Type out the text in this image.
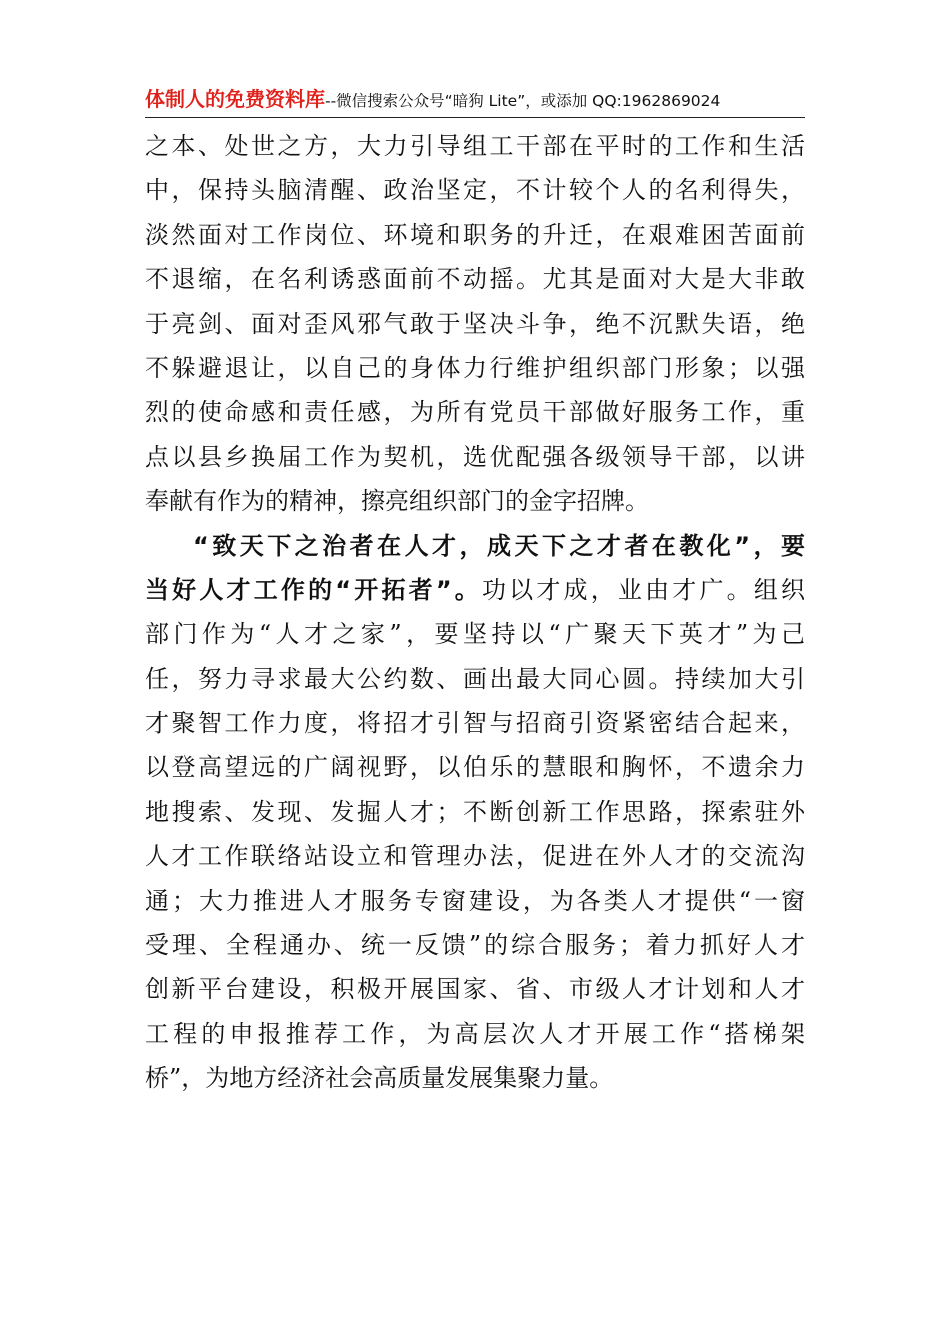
体制人的免费资料库--微信搜索公众号“暗狗 Lite”，或添加 QQ:1962869024
之本、处世之方，大力引导组工干部在平时的工作和生活
中，保持头脑清醒、政治坚定，不计较个人的名利得失，
淡然面对工作岗位、环境和职务的升迁，在艰难困苦面前
不退缩，在名利诱惑面前不动摇。尤其是面对大是大非敢
于亮剑、面对歪风邪气敢于坚决斗争，绝不沉默失语，绝
不躲避退让，以自己的身体力行维护组织部门形象；以强
烈的使命感和责任感，为所有党员干部做好服务工作，重
点以县乡换届工作为契机，选优配强各级领导干部，以讲
奉献有作为的精神，擦亮组织部门的金字招牌。
“致天下之治者在人才，成天下之才者在教化”，要
当好人才工作的“开拓者”。功以才成，业由才广。组织
部门作为“人才之家”，要坚持以“广聚天下英才”为己
任，努力寻求最大公约数、画出最大同心圆。持续加大引
才聚智工作力度，将招才引智与招商引资紧密结合起来，
以登高望远的广阔视野，以伯乐的慧眼和胸怀，不遗余力
地搜索、发现、发掘人才；不断创新工作思路，探索驻外
人才工作联络站设立和管理办法，促进在外人才的交流沟
通；大力推进人才服务专窗建设，为各类人才提供“一窗
受理、全程通办、统一反馈”的综合服务；着力抓好人才
创新平台建设，积极开展国家、省、市级人才计划和人才
工程的申报推荐工作，为高层次人才开展工作“搭梯架
桥”，为地方经济社会高质量发展集聚力量。
